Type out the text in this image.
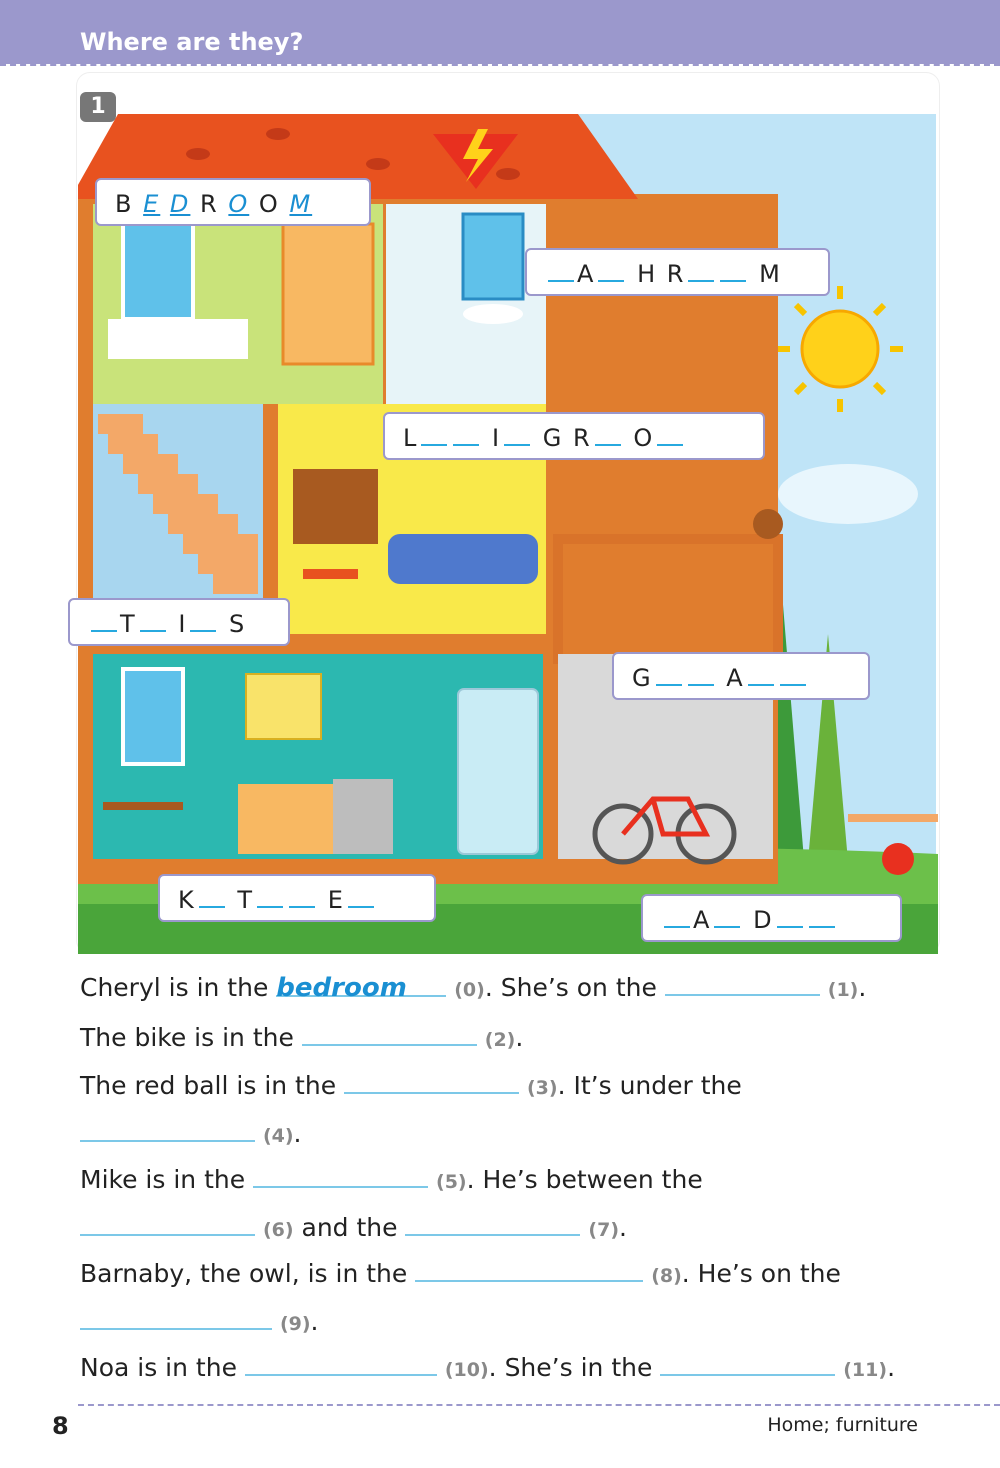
Where are they?
1
B E D R O O M
A H R	M
L	I G R O
T I S
G	A
K T	E
A D
Cheryl is in the bedroom (0). She’s on the	(1).
The bike is in the	(2).
The red ball is in the	(3). It’s under the
(4).
Mike is in the	(5). He’s between the
(6) and the	(7).
Barnaby, the owl, is in the	(8). He’s on the
(9).
Noa is in the	(10). She’s in the	(11).
8	Home; furniture
